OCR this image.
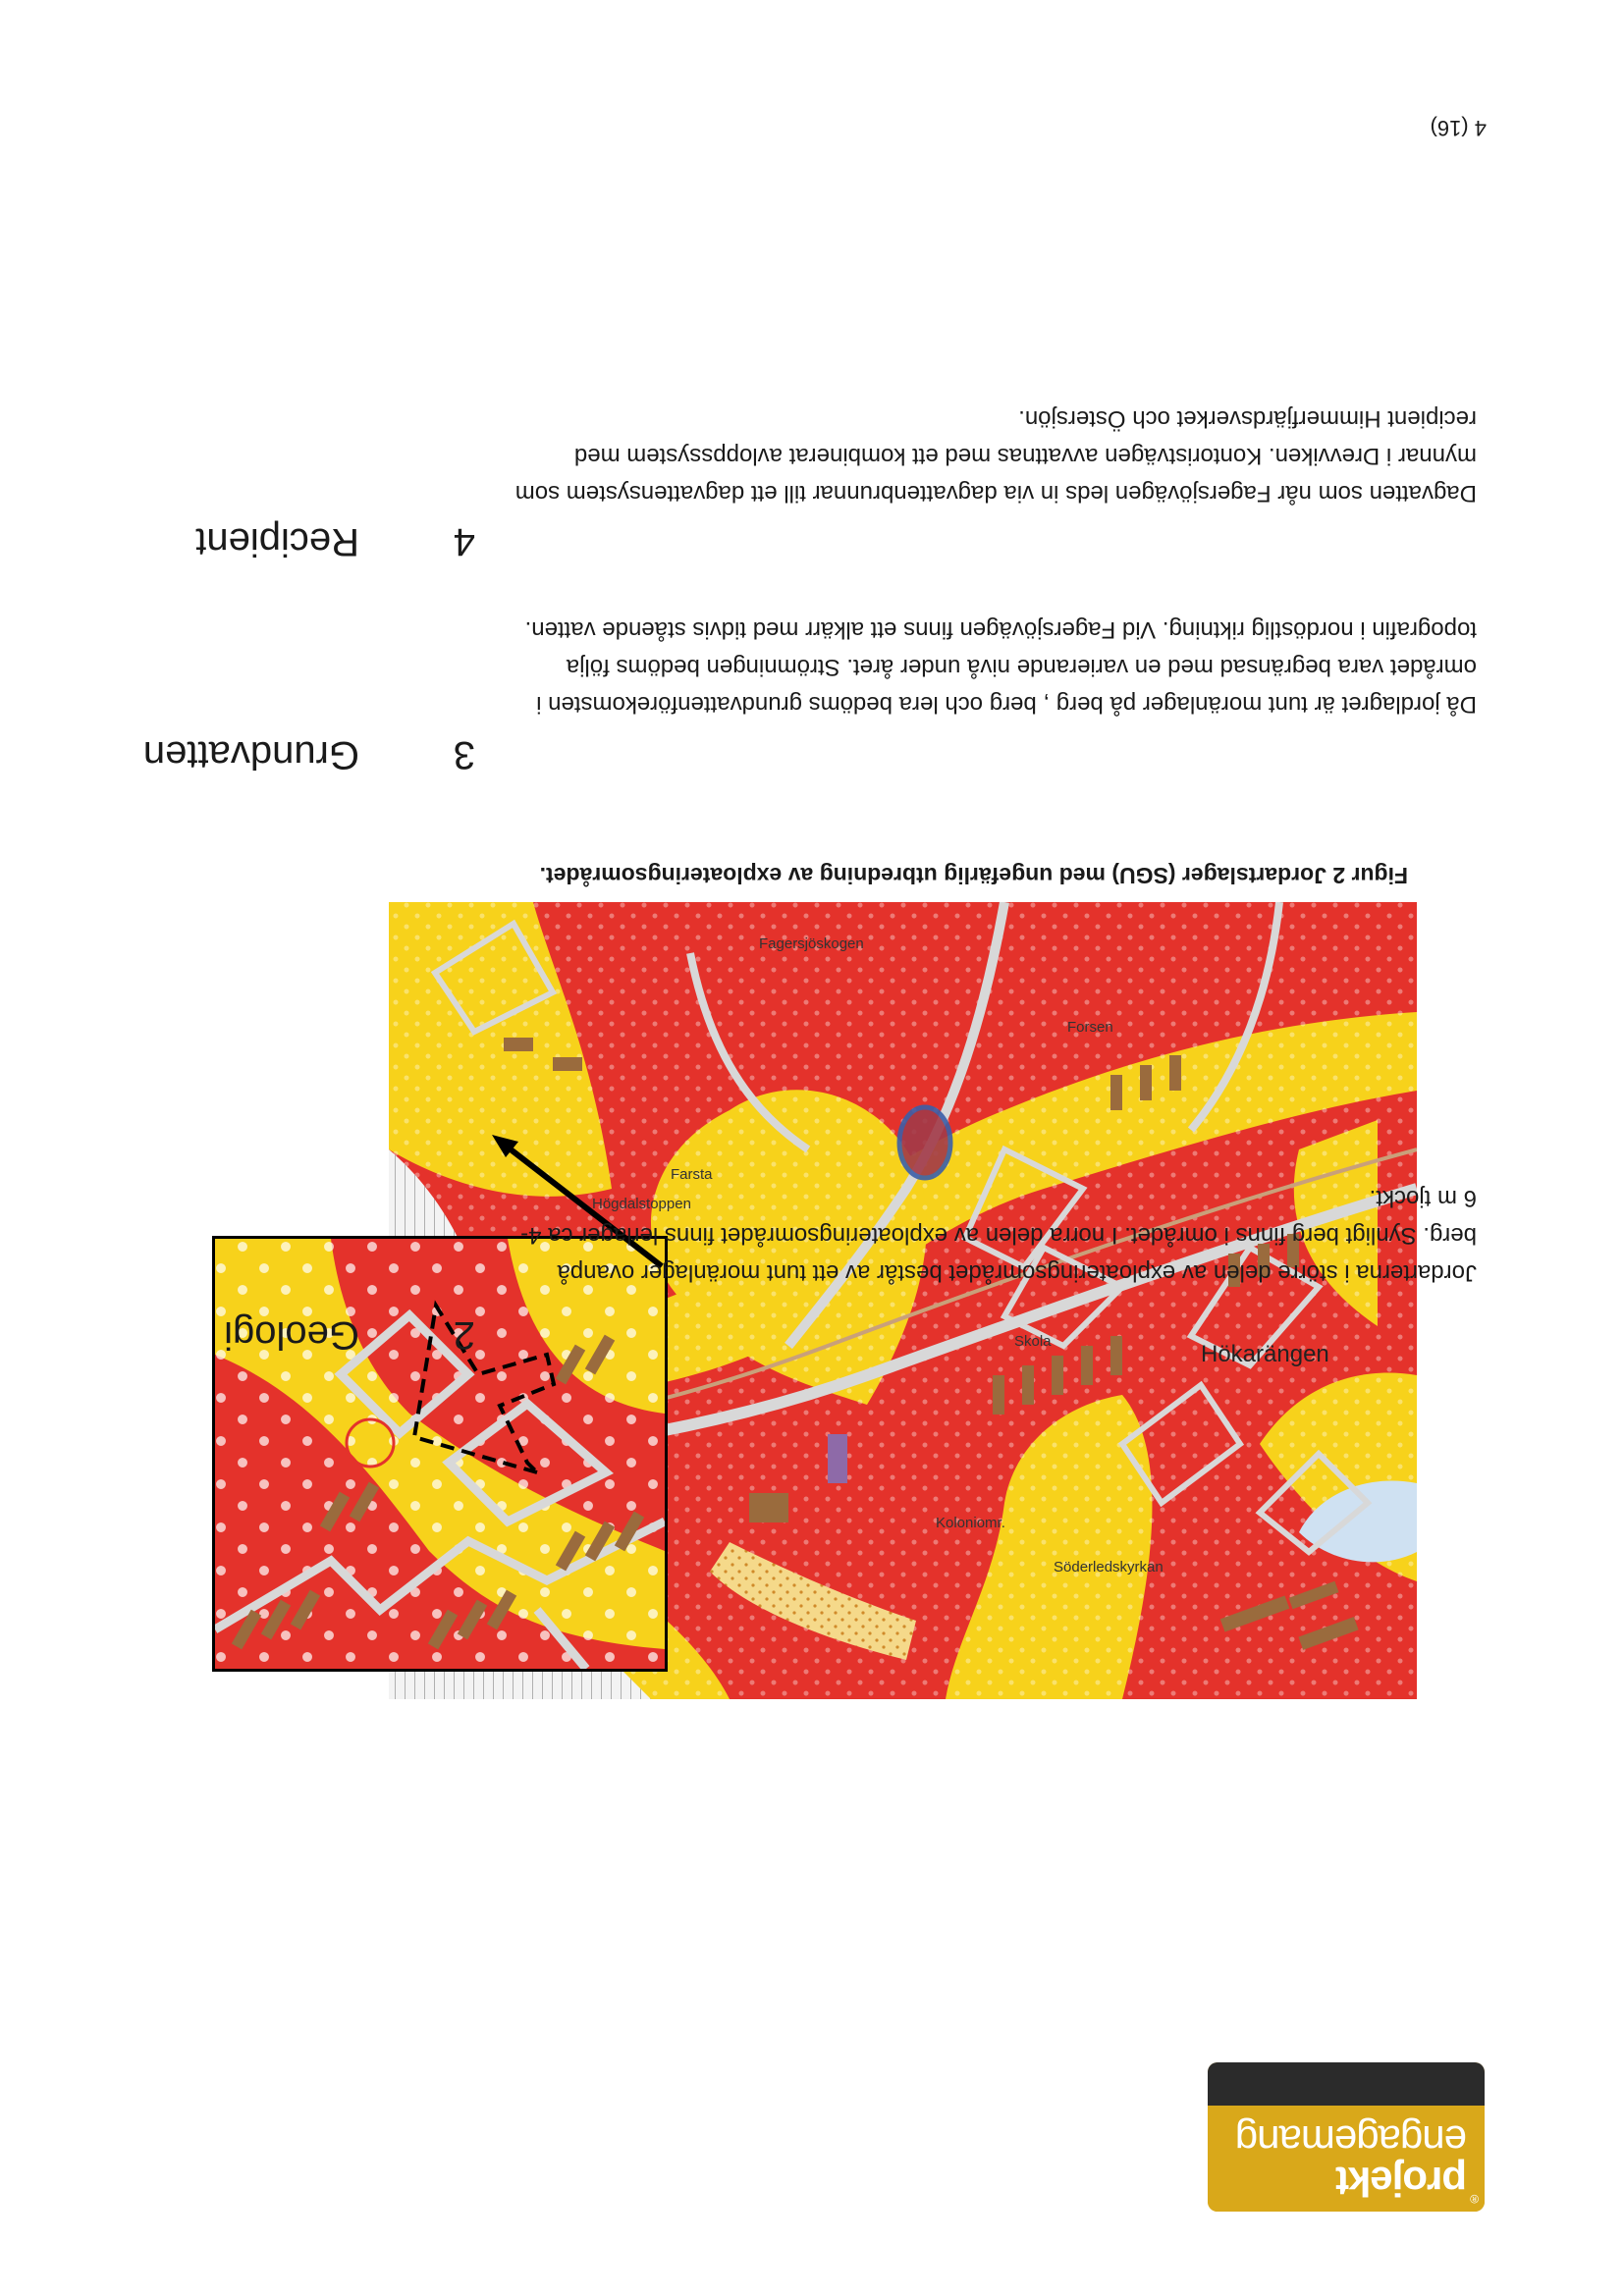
4 (16)
4
Recipient
Dagvatten som når Fagersjövägen leds in via dagvattenbrunnar till ett dagvattensystem som
mynnar i Drevviken. Kontoristvägen avvattnas med ett kombinerat avloppssystem med
recipient Himmerfjärdsverket och Östersjön.
3
Grundvatten
Då jordlagret är tunt moränlager på berg , berg och lera bedöms grundvattenförekomsten i
området vara begränsad med en varierande nivå under året. Strömningen bedöms följa
topografin i nordöstlig riktning. Vid Fagersjövägen finns ett alkärr med tidvis stående vatten.
Figur 2 Jordartslager (SGU) med ungefärlig utbredning av exploateringsområdet.
Fagersjöskogen
Högdalstoppen
Farsta
Hökarängen
Söderledskyrkan
Koloniomr.
Skola
Forsen
2
Geologi
®
projekt
engagemang
Jordarterna i större delen av exploateringsområdet består av ett tunt moränlager ovanpå
berg. Synligt berg finns i området. I norra delen av exploateringsområdet finns lerlager ca 4-
6 m tjockt.
